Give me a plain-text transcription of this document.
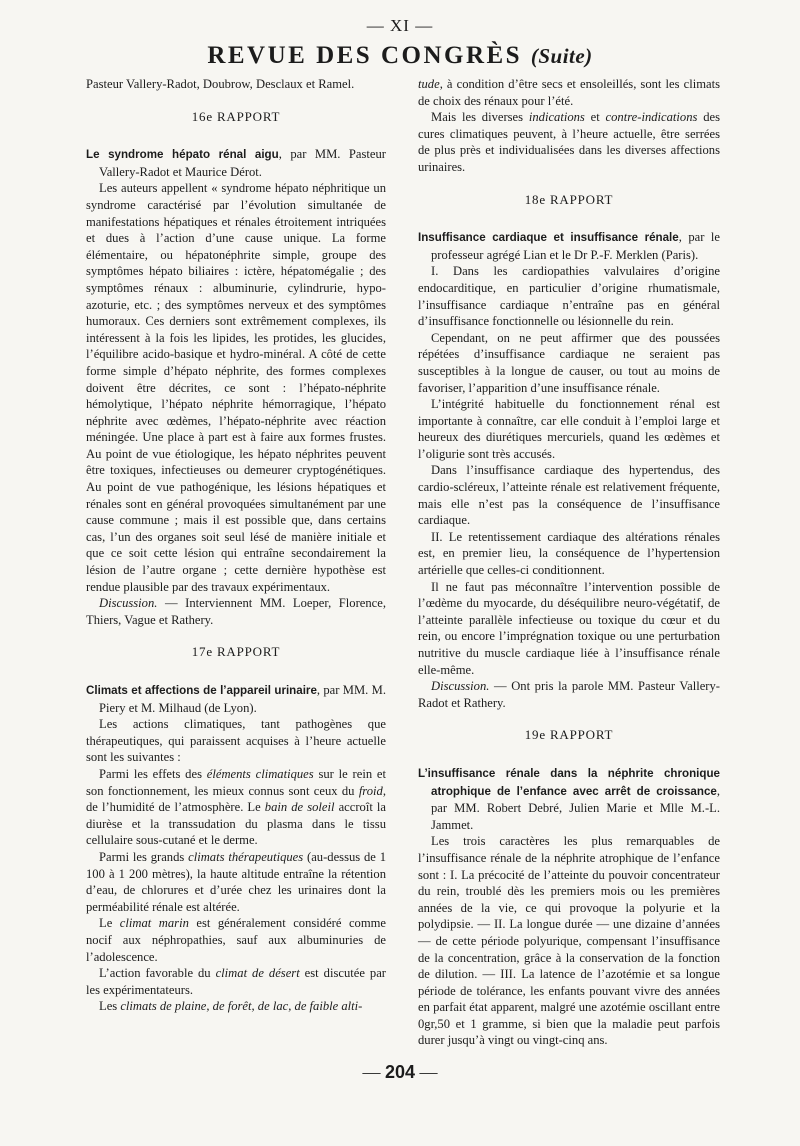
— XI —
REVUE DES CONGRÈS (Suite)

Pasteur Vallery-Radot, Doubrow, Desclaux et Ramel.

16e RAPPORT

Le syndrome hépato rénal aigu, par MM. Pasteur Vallery-Radot et Maurice Dérot.

Les auteurs appellent « syndrome hépato néphritique un syndrome caractérisé par l’évolution simultanée de manifestations hépatiques et rénales étroitement intriquées et dues à l’action d’une cause unique. La forme élémentaire, ou hépatonéphrite simple, groupe des symptômes hépato biliaires : ictère, hépatomégalie ; des symptômes rénaux : albuminurie, cylindrurie, hypo-azoturie, etc. ; des symptômes nerveux et des symptômes humoraux. Ces derniers sont extrêmement complexes, ils intéressent à la fois les lipides, les protides, les glucides, l’équilibre acido-basique et hydro-minéral. A côté de cette forme simple d’hépato néphrite, des formes complexes doivent être décrites, ce sont : l’hépato-néphrite hémolytique, l’hépato néphrite hémorragique, l’hépato néphrite avec œdèmes, l’hépato-néphrite avec réaction méningée. Une place à part est à faire aux formes frustes. Au point de vue étiologique, les hépato néphrites peuvent être toxiques, infectieuses ou demeurer cryptogénétiques. Au point de vue pathogénique, les lésions hépatiques et rénales sont en général provoquées simultanément par une cause commune ; mais il est possible que, dans certains cas, l’un des organes soit seul lésé de manière initiale et que ce soit cette lésion qui entraîne secondairement la lésion de l’autre organe ; cette dernière hypothèse est rendue plausible par des travaux expérimentaux.

Discussion. — Interviennent MM. Loeper, Florence, Thiers, Vague et Rathery.

17e RAPPORT

Climats et affections de l’appareil urinaire, par MM. M. Piery et M. Milhaud (de Lyon).

Les actions climatiques, tant pathogènes que thérapeutiques, qui paraissent acquises à l’heure actuelle sont les suivantes :

Parmi les effets des éléments climatiques sur le rein et son fonctionnement, les mieux connus sont ceux du froid, de l’humidité de l’atmosphère. Le bain de soleil accroît la diurèse et la transsudation du plasma dans le tissu cellulaire sous-cutané et le derme.

Parmi les grands climats thérapeutiques (au-dessus de 1 100 à 1 200 mètres), la haute altitude entraîne la rétention d’eau, de chlorures et d’urée chez les urinaires dont la perméabilité rénale est altérée.

Le climat marin est généralement considéré comme nocif aux néphropathies, sauf aux albuminuries de l’adolescence.

L’action favorable du climat de désert est discutée par les expérimentateurs.

Les climats de plaine, de forêt, de lac, de faible alti-

tude, à condition d’être secs et ensoleillés, sont les climats de choix des rénaux pour l’été.

Mais les diverses indications et contre-indications des cures climatiques peuvent, à l’heure actuelle, être serrées de plus près et individualisées dans les diverses affections urinaires.

18e RAPPORT

Insuffisance cardiaque et insuffisance rénale, par le professeur agrégé Lian et le Dr P.-F. Merklen (Paris).

I. Dans les cardiopathies valvulaires d’origine endocarditique, en particulier d’origine rhumatismale, l’insuffisance cardiaque n’entraîne pas en général d’insuffisance fonctionnelle ou lésionnelle du rein.

Cependant, on ne peut affirmer que des poussées répétées d’insuffisance cardiaque ne seraient pas susceptibles à la longue de causer, ou tout au moins de favoriser, l’apparition d’une insuffisance rénale.

L’intégrité habituelle du fonctionnement rénal est importante à connaître, car elle conduit à l’emploi large et heureux des diurétiques mercuriels, quand les œdèmes et l’oligurie sont très accusés.

Dans l’insuffisance cardiaque des hypertendus, des cardio-scléreux, l’atteinte rénale est relativement fréquente, mais elle n’est pas la conséquence de l’insuffisance cardiaque.

II. Le retentissement cardiaque des altérations rénales est, en premier lieu, la conséquence de l’hypertension artérielle que celles-ci conditionnent.

Il ne faut pas méconnaître l’intervention possible de l’œdème du myocarde, du déséquilibre neuro-végétatif, de l’atteinte parallèle infectieuse ou toxique du cœur et du rein, ou encore l’imprégnation toxique ou une perturbation nutritive du muscle cardiaque liée à l’insuffisance rénale elle-même.

Discussion. — Ont pris la parole MM. Pasteur Vallery-Radot et Rathery.

19e RAPPORT

L’insuffisance rénale dans la néphrite chronique atrophique de l’enfance avec arrêt de croissance, par MM. Robert Debré, Julien Marie et Mlle M.-L. Jammet.

Les trois caractères les plus remarquables de l’insuffisance rénale de la néphrite atrophique de l’enfance sont : I. La précocité de l’atteinte du pouvoir concentrateur du rein, troublé dès les premiers mois ou les premières années de la vie, ce qui provoque la polyurie et la polydipsie. — II. La longue durée — une dizaine d’années — de cette période polyurique, compensant l’insuffisance de la concentration, grâce à la conservation de la fonction de dilution. — III. La latence de l’azotémie et sa longue période de tolérance, les enfants pouvant vivre des années en parfait état apparent, malgré une azotémie oscillant entre 0gr,50 et 1 gramme, si bien que la maladie peut parfois durer jusqu’à vingt ou vingt-cinq ans.

— 204 —
